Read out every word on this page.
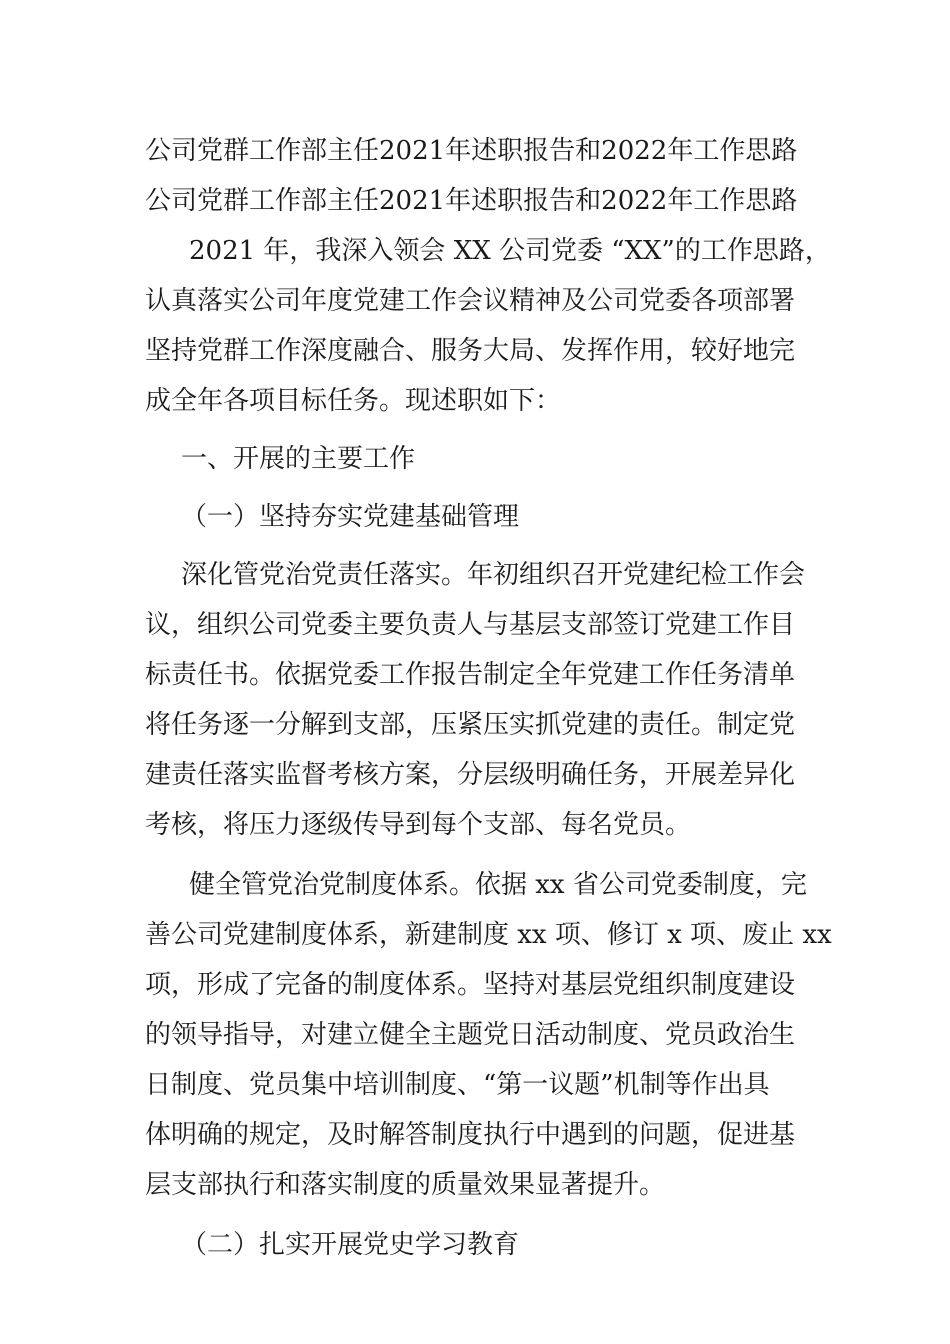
公司党群工作部主任2021年述职报告和2022年工作思路
公司党群工作部主任2021年述职报告和2022年工作思路
2021 年，我深入领会 XX 公司党委 “XX”的工作思路，
认真落实公司年度党建工作会议精神及公司党委各项部署
坚持党群工作深度融合、服务大局、发挥作用，较好地完
成全年各项目标任务。现述职如下：
一、开展的主要工作
（一）坚持夯实党建基础管理
深化管党治党责任落实。年初组织召开党建纪检工作会
议，组织公司党委主要负责人与基层支部签订党建工作目
标责任书。依据党委工作报告制定全年党建工作任务清单
将任务逐一分解到支部，压紧压实抓党建的责任。制定党
建责任落实监督考核方案，分层级明确任务，开展差异化
考核，将压力逐级传导到每个支部、每名党员。
健全管党治党制度体系。依据 xx 省公司党委制度，完
善公司党建制度体系，新建制度 xx 项、修订 x 项、废止 xx
项，形成了完备的制度体系。坚持对基层党组织制度建设
的领导指导，对建立健全主题党日活动制度、党员政治生
日制度、党员集中培训制度、“第一议题”机制等作出具
体明确的规定，及时解答制度执行中遇到的问题，促进基
层支部执行和落实制度的质量效果显著提升。
（二）扎实开展党史学习教育
